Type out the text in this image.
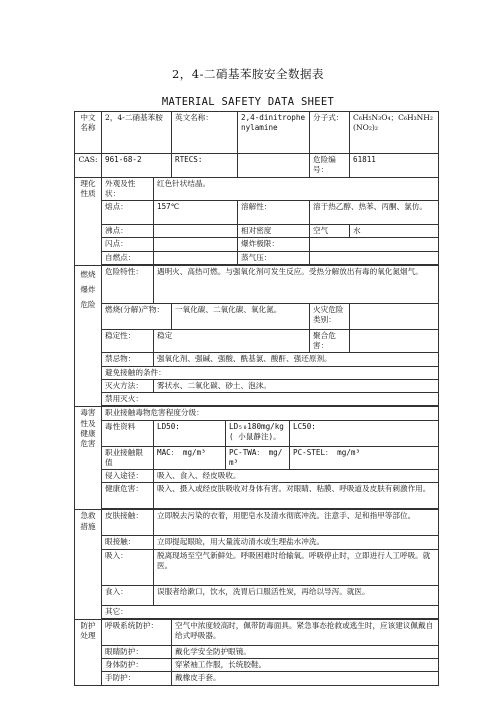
2，4-二硝基苯胺安全数据表
MATERIAL SAFETY DATA SHEET
中文名称	2，4-二硝基苯胺		英文名称：		2,4-dinitrophenylamine		分子式：	C₆H₅N₃O₄；C₆H₃NH₂(NO₂)₂
CAS:	961-68-2		RTECS:				危险编号：	61811
理化性质	外观及性状：	红色针状结晶。						
	熔点：	157℃			溶解性：		溶于热乙醇、热苯、丙酮、氯仿。	
	沸点：				相对密度		空气	水
	闪点：				爆炸极限：			
	自燃点：				蒸气压：			

燃烧爆炸危险	危险特性：	遇明火、高热可燃。与强氧化剂可发生反应。受热分解放出有毒的氧化氮烟气。						
	燃烧(分解)产物：		一氧化碳、二氧化碳、氧化氮。				火灾危险类别：	
	稳定性：	稳定					聚合危害：	
	禁忌物：	强氧化剂、强碱、强酸、酰基氯、酸酐、强还原剂。						
	避免接触的条件：							
	灭火方法：	雾状水、二氧化碳、砂土、泡沫。						
	禁用灭火：							

毒害性及健康危害	职业接触毒物危害程度分级：							
	毒性资料	LD50:		LD₅₀180mg/kg( 小鼠静注)。		LC50:		
	职业接触限值	MAC： mg/m³		PC-TWA： mg/m³		PC-STEL： mg/m³		
	侵入途径：	吸入、食入、经皮吸收。						
	健康危害：	吸入、摄入或经皮肤吸收对身体有害。对眼睛、粘膜、呼吸道及皮肤有刺激作用。						

急救措施	皮肤接触：	立即脱去污染的衣着，用肥皂水及清水彻底冲洗。注意手、足和指甲等部位。						
	眼接触：	立即提起眼睑，用大量流动清水或生理盐水冲洗。						
	吸入：	脱离现场至空气新鲜处。呼吸困难时给输氧。呼吸停止时，立即进行人工呼吸。就医。						
	食入：	误服者给漱口，饮水，洗胃后口服活性炭，再给以导泻。就医。						
	其它：							

防护处理	呼吸系统防护：		空气中浓度较高时，佩带防毒面具。紧急事态抢救或逃生时，应该建议佩戴自给式呼吸器。					
	眼睛防护：		戴化学安全防护眼镜。					
	身体防护：		穿紧袖工作服，长统胶鞋。					
	手防护：		戴橡皮手套。					
